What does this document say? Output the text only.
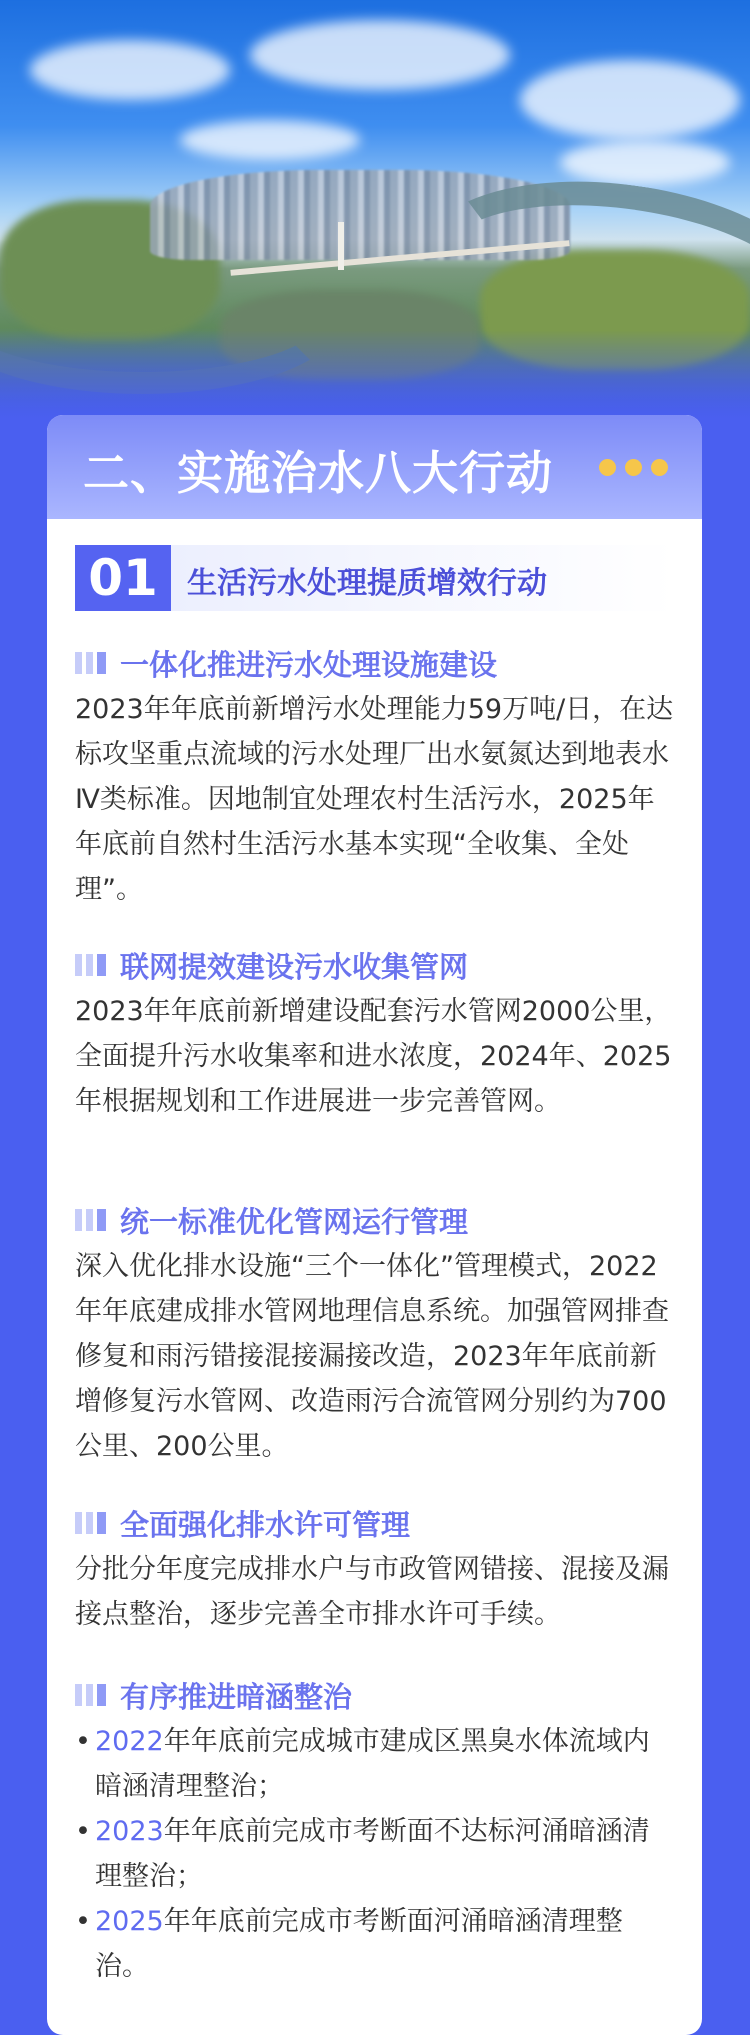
二、实施治水八大行动
01 生活污水处理提质增效行动
一体化推进污水处理设施建设

2023年年底前新增污水处理能力59万吨/日，在达标攻坚重点流域的污水处理厂出水氨氮达到地表水Ⅳ类标准。因地制宜处理农村生活污水，2025年年底前自然村生活污水基本实现“全收集、全处理”。

联网提效建设污水收集管网

2023年年底前新增建设配套污水管网2000公里，全面提升污水收集率和进水浓度，2024年、2025年根据规划和工作进展进一步完善管网。

统一标准优化管网运行管理

深入优化排水设施“三个一体化”管理模式，2022年年底建成排水管网地理信息系统。加强管网排查修复和雨污错接混接漏接改造，2023年年底前新增修复污水管网、改造雨污合流管网分别约为700公里、200公里。

全面强化排水许可管理

分批分年度完成排水户与市政管网错接、混接及漏接点整治，逐步完善全市排水许可手续。

有序推进暗涵整治
• 2022年年底前完成城市建成区黑臭水体流域内暗涵清理整治；
• 2023年年底前完成市考断面不达标河涌暗涵清理整治；
• 2025年年底前完成市考断面河涌暗涵清理整治。
